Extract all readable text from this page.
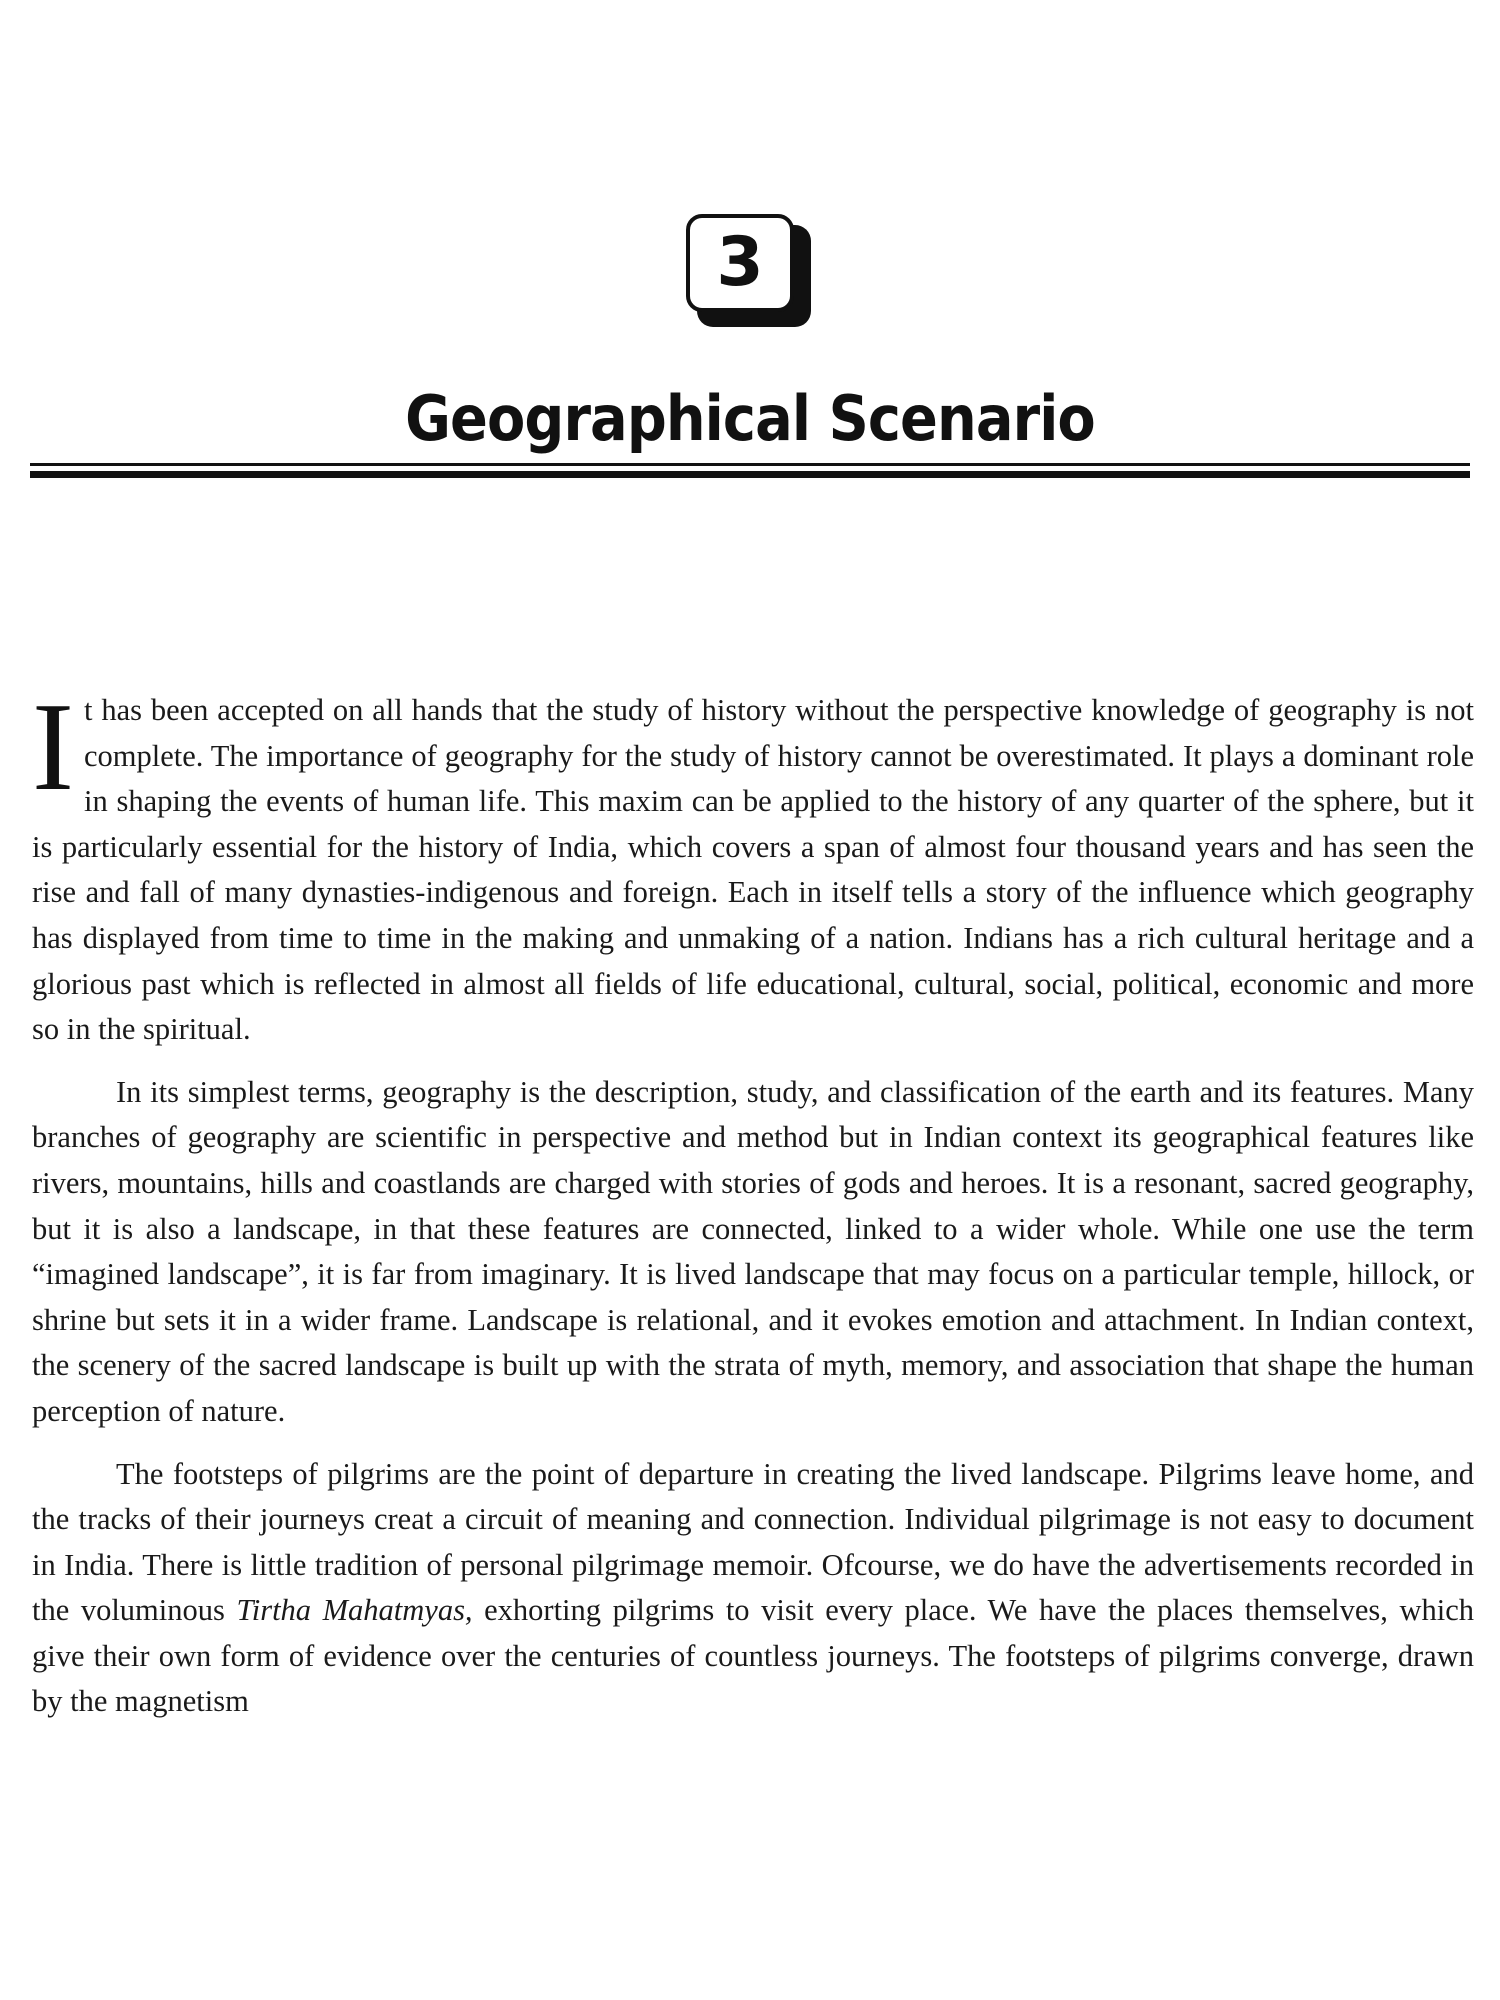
3
Geographical Scenario

It has been accepted on all hands that the study of history without the perspective knowledge of geography is not complete. The importance of geography for the study of history cannot be overestimated. It plays a dominant role in shaping the events of human life. This maxim can be applied to the history of any quarter of the sphere, but it is particularly essential for the history of India, which covers a span of almost four thousand years and has seen the rise and fall of many dynasties-indigenous and foreign. Each in itself tells a story of the influence which geography has displayed from time to time in the making and unmaking of a nation. Indians has a rich cultural heritage and a glorious past which is reflected in almost all fields of life educational, cultural, social, political, economic and more so in the spiritual.

In its simplest terms, geography is the description, study, and classification of the earth and its features. Many branches of geography are scientific in perspective and method but in Indian context its geographical features like rivers, mountains, hills and coastlands are charged with stories of gods and heroes. It is a resonant, sacred geography, but it is also a landscape, in that these features are connected, linked to a wider whole. While one use the term “imagined landscape”, it is far from imaginary. It is lived landscape that may focus on a particular temple, hillock, or shrine but sets it in a wider frame. Landscape is relational, and it evokes emotion and attachment. In Indian context, the scenery of the sacred landscape is built up with the strata of myth, memory, and association that shape the human perception of nature.

The footsteps of pilgrims are the point of departure in creating the lived landscape. Pilgrims leave home, and the tracks of their journeys creat a circuit of meaning and connection. Individual pilgrimage is not easy to document in India. There is little tradition of personal pilgrimage memoir. Ofcourse, we do have the advertisements recorded in the voluminous Tirtha Mahatmyas, exhorting pilgrims to visit every place. We have the places themselves, which give their own form of evidence over the centuries of countless journeys. The footsteps of pilgrims converge, drawn by the magnetism
